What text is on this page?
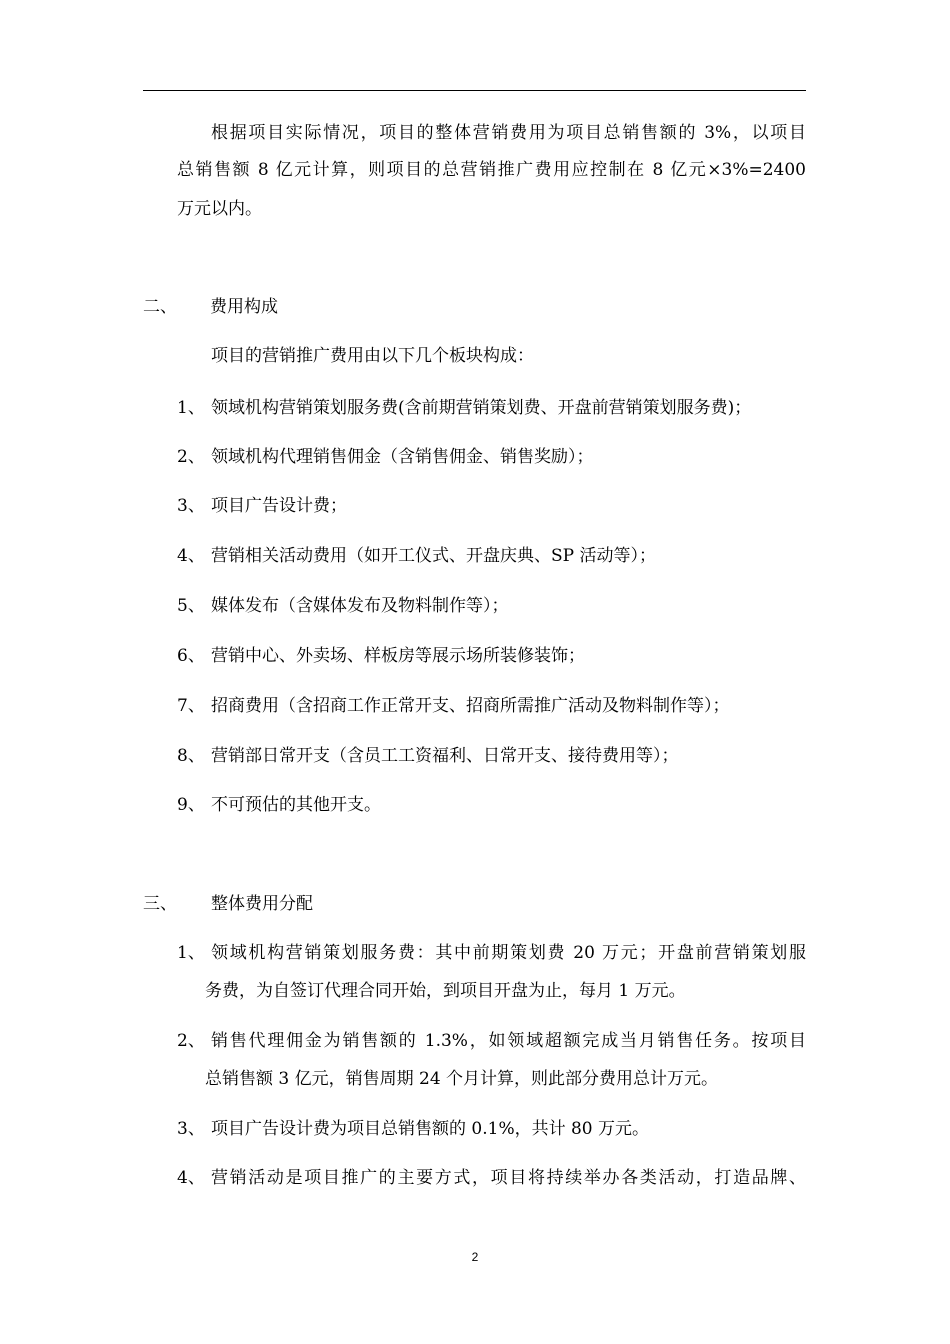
根据项目实际情况，项目的整体营销费用为项目总销售额的 3%，以项目
总销售额 8 亿元计算，则项目的总营销推广费用应控制在 8 亿元×3%=2400
万元以内。
二、 费用构成
项目的营销推广费用由以下几个板块构成：
1、 领域机构营销策划服务费(含前期营销策划费、开盘前营销策划服务费)；
2、 领域机构代理销售佣金（含销售佣金、销售奖励）；
3、 项目广告设计费；
4、 营销相关活动费用（如开工仪式、开盘庆典、SP 活动等）；
5、 媒体发布（含媒体发布及物料制作等）；
6、 营销中心、外卖场、样板房等展示场所装修装饰；
7、 招商费用（含招商工作正常开支、招商所需推广活动及物料制作等）；
8、 营销部日常开支（含员工工资福利、日常开支、接待费用等）；
9、 不可预估的其他开支。
三、 整体费用分配
1、 领域机构营销策划服务费：其中前期策划费 20 万元；开盘前营销策划服
务费，为自签订代理合同开始，到项目开盘为止，每月 1 万元。
2、 销售代理佣金为销售额的 1.3%，如领域超额完成当月销售任务。按项目
总销售额 3 亿元，销售周期 24 个月计算，则此部分费用总计万元。
3、 项目广告设计费为项目总销售额的 0.1%，共计 80 万元。
4、 营销活动是项目推广的主要方式，项目将持续举办各类活动，打造品牌、
2
